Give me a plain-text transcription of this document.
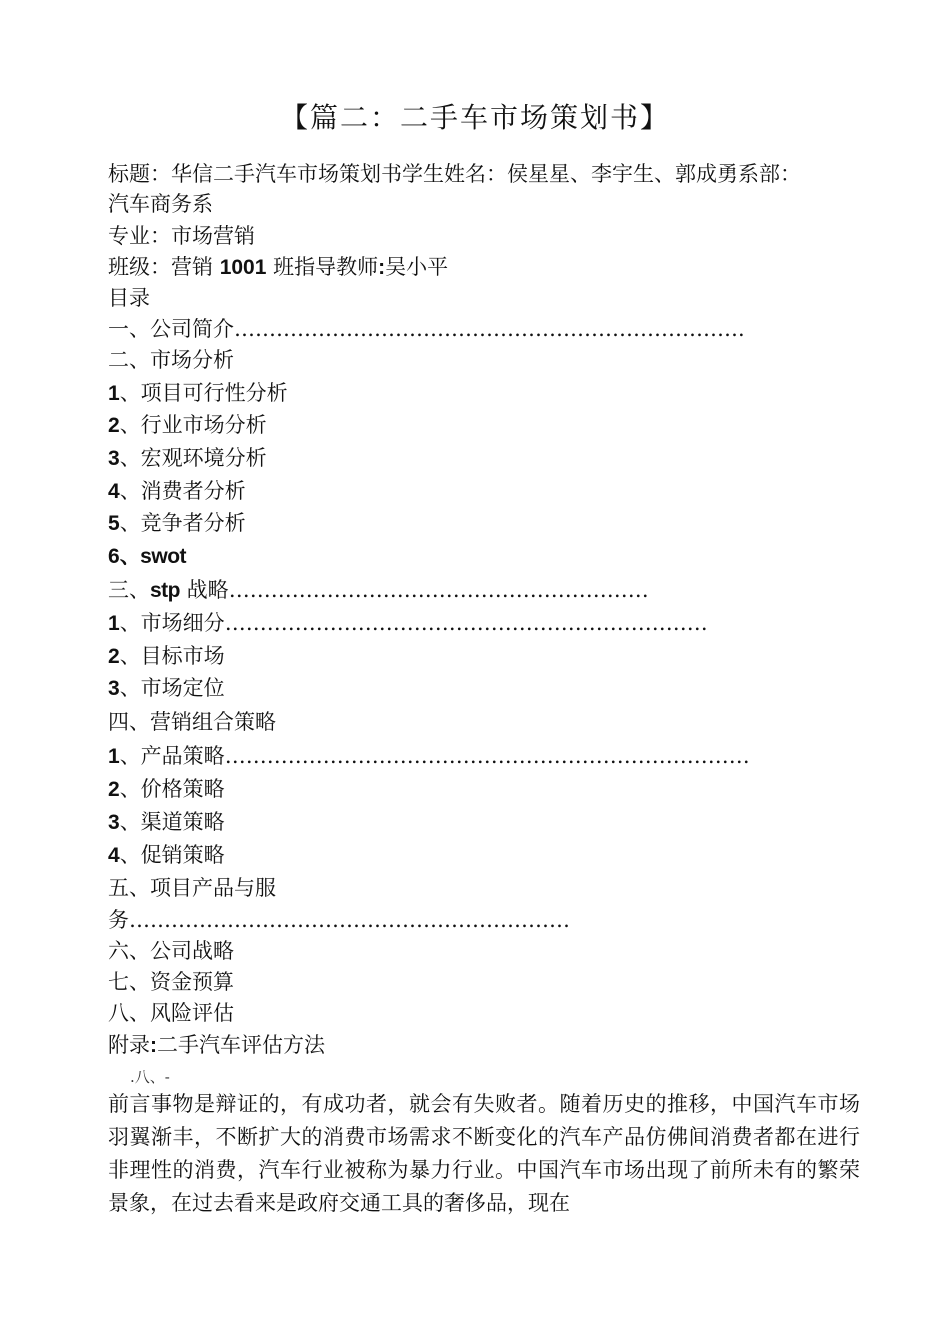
【篇二：二手车市场策划书】
标题：华信二手汽车市场策划书学生姓名：侯星星、李宇生、郭成勇系部：
汽车商务系
专业：市场营销
班级：营销 1001 班指导教师:吴小平
目录
一、公司简介……………………………………………………………….
二、市场分析
1、项目可行性分析
2、行业市场分析
3、宏观环境分析
4、消费者分析
5、竞争者分析
6、swot
三、stp 战略……………………………………………………
1、市场细分……………………………………………………………
2、目标市场
3、市场定位
四、营销组合策略
1、产品策略…………………………………………………………………
2、价格策略
3、渠道策略
4、促销策略
五、项目产品与服
务………………………………………………………
六、公司战略
七、资金预算
八、风险评估
附录:二手汽车评估方法
.八、-
前言事物是辩证的，有成功者，就会有失败者。随着历史的推移，中国汽车市场羽翼渐丰，不断扩大的消费市场需求不断变化的汽车产品仿佛间消费者都在进行非理性的消费，汽车行业被称为暴力行业。中国汽车市场出现了前所未有的繁荣景象，在过去看来是政府交通工具的奢侈品，现在
